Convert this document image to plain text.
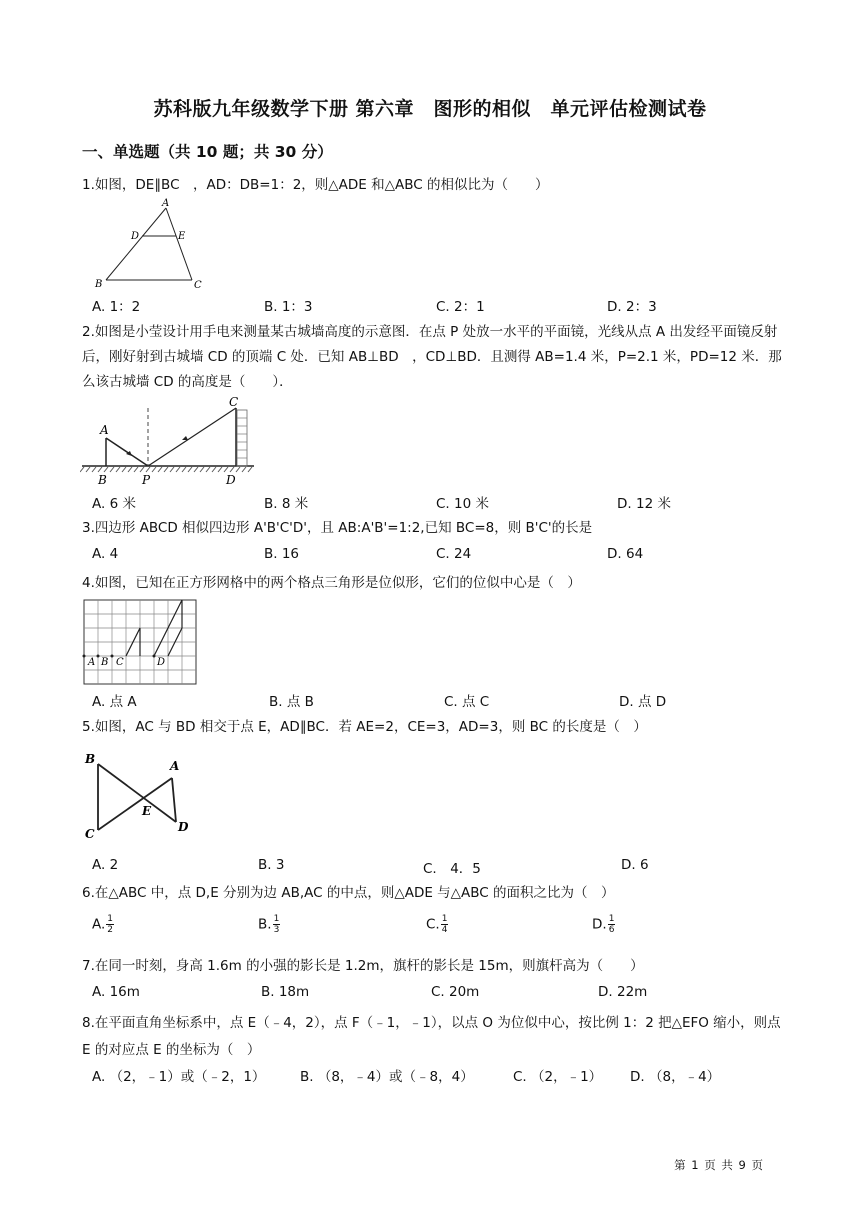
苏科版九年级数学下册 第六章　图形的相似　单元评估检测试卷
一、单选题（共 10 题；共 30 分）
1.如图，DE∥BC　，AD：DB=1：2，则△ADE 和△ABC 的相似比为（　　）
A
D	E
B	C
A. 1：2	B. 1：3	C. 2：1	D. 2：3
2.如图是小莹设计用手电来测量某古城墙高度的示意图．在点 P 处放一水平的平面镜，光线从点 A 出发经平面镜反射后，刚好射到古城墙 CD 的顶端 C 处．已知 AB⊥BD　，CD⊥BD．且测得 AB=1.4 米，P=2.1 米，PD=12 米．那么该古城墙 CD 的高度是（　　）．
A
B	P
C
D
A. 6 米	B. 8 米	C. 10 米	D. 12 米
3.四边形 ABCD 相似四边形 A'B'C'D'，且 AB:A'B'=1:2,已知 BC=8，则 B'C'的长是
A. 4	B. 16	C. 24	D. 64
4.如图，已知在正方形网格中的两个格点三角形是位似形，它们的位似中心是（　）
A B C	D
A. 点 A	B. 点 B	C. 点 C	D. 点 D
5.如图，AC 与 BD 相交于点 E，AD∥BC．若 AE=2，CE=3，AD=3，则 BC 的长度是（　）
B	A
E
C	D
A. 2	B. 3	C.　4．5	D. 6
6.在△ABC 中，点 D,E 分别为边 AB,AC 的中点，则△ADE 与△ABC 的面积之比为（　）
A. $\frac{1}{2}$	B. $\frac{1}{3}$	C. $\frac{1}{4}$	D. $\frac{1}{6}$
7.在同一时刻，身高 1.6m 的小强的影长是 1.2m，旗杆的影长是 15m，则旗杆高为（　　）
A. 16m	B. 18m	C. 20m	D. 22m
8.在平面直角坐标系中，点 E（﹣4，2），点 F（﹣1，﹣1），以点 O 为位似中心，按比例 1：2 把△EFO 缩小，则点 E 的对应点 E 的坐标为（　）
A. （2，﹣1）或（﹣2，1）	B. （8，﹣4）或（﹣8，4）	C. （2，﹣1） D. （8，﹣4）
第 1 页 共 9 页
